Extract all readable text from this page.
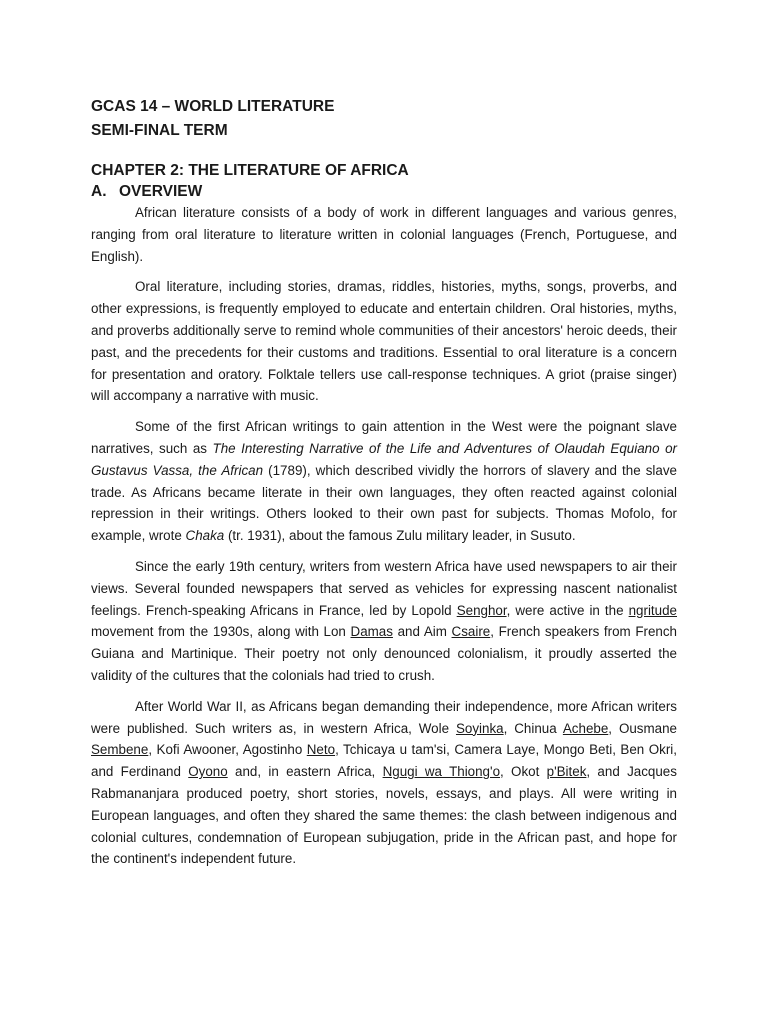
GCAS 14 – WORLD LITERATURE
SEMI-FINAL TERM
CHAPTER 2: THE LITERATURE OF AFRICA
A. OVERVIEW

African literature consists of a body of work in different languages and various genres, ranging from oral literature to literature written in colonial languages (French, Portuguese, and English).

Oral literature, including stories, dramas, riddles, histories, myths, songs, proverbs, and other expressions, is frequently employed to educate and entertain children. Oral histories, myths, and proverbs additionally serve to remind whole communities of their ancestors' heroic deeds, their past, and the precedents for their customs and traditions. Essential to oral literature is a concern for presentation and oratory. Folktale tellers use call-response techniques. A griot (praise singer) will accompany a narrative with music.

Some of the first African writings to gain attention in the West were the poignant slave narratives, such as The Interesting Narrative of the Life and Adventures of Olaudah Equiano or Gustavus Vassa, the African (1789), which described vividly the horrors of slavery and the slave trade. As Africans became literate in their own languages, they often reacted against colonial repression in their writings. Others looked to their own past for subjects. Thomas Mofolo, for example, wrote Chaka (tr. 1931), about the famous Zulu military leader, in Susuto.

Since the early 19th century, writers from western Africa have used newspapers to air their views. Several founded newspapers that served as vehicles for expressing nascent nationalist feelings. French-speaking Africans in France, led by Lopold Senghor, were active in the ngritude movement from the 1930s, along with Lon Damas and Aim Csaire, French speakers from French Guiana and Martinique. Their poetry not only denounced colonialism, it proudly asserted the validity of the cultures that the colonials had tried to crush.

After World War II, as Africans began demanding their independence, more African writers were published. Such writers as, in western Africa, Wole Soyinka, Chinua Achebe, Ousmane Sembene, Kofi Awooner, Agostinho Neto, Tchicaya u tam'si, Camera Laye, Mongo Beti, Ben Okri, and Ferdinand Oyono and, in eastern Africa, Ngugi wa Thiong'o, Okot p'Bitek, and Jacques Rabmananjara produced poetry, short stories, novels, essays, and plays. All were writing in European languages, and often they shared the same themes: the clash between indigenous and colonial cultures, condemnation of European subjugation, pride in the African past, and hope for the continent's independent future.
